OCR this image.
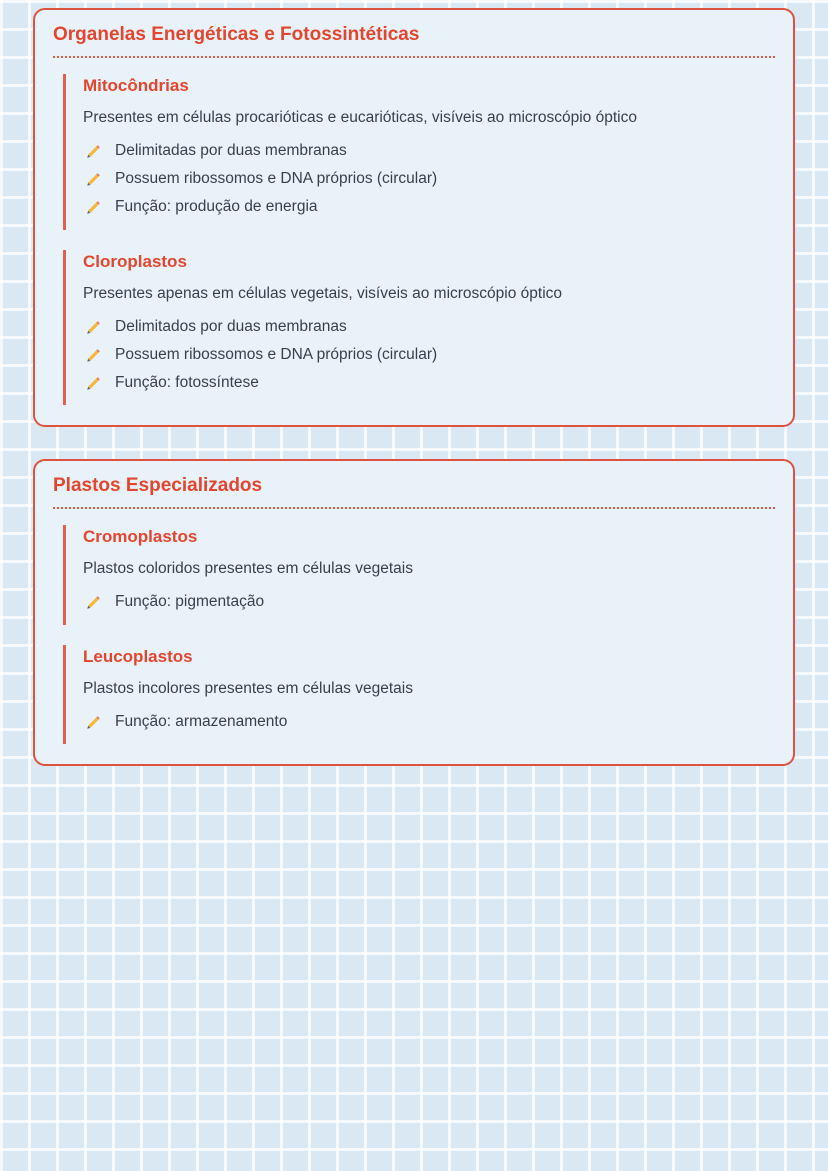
Organelas Energéticas e Fotossintéticas
Mitocôndrias

Presentes em células procarióticas e eucarióticas, visíveis ao microscópio óptico

Delimitadas por duas membranas
Possuem ribossomos e DNA próprios (circular)
Função: produção de energia
Cloroplastos

Presentes apenas em células vegetais, visíveis ao microscópio óptico

Delimitados por duas membranas
Possuem ribossomos e DNA próprios (circular)
Função: fotossíntese
Plastos Especializados
Cromoplastos

Plastos coloridos presentes em células vegetais

Função: pigmentação
Leucoplastos

Plastos incolores presentes em células vegetais

Função: armazenamento
